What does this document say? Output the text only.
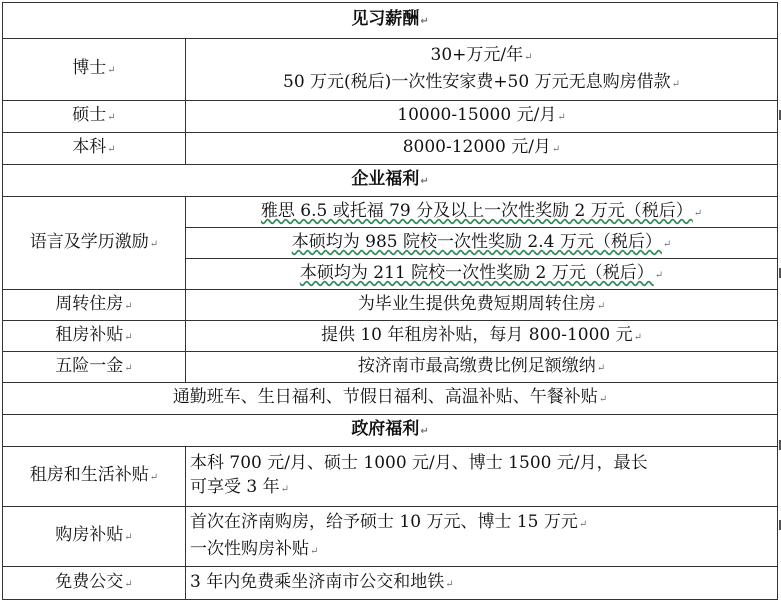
见习薪酬↵	
博士↵	30+万元/年↵
50 万元(税后)一次性安家费+50 万元无息购房借款↵

硕士↵	10000-15000 元/月↵
本科↵	8000-12000 元/月↵
企业福利↵	
语言及学历激励↵	雅思 6.5 或托福 79 分及以上一次性奖励 2 万元（税后）↵
	本硕均为 985 院校一次性奖励 2.4 万元（税后）↵
	本硕均为 211 院校一次性奖励 2 万元（税后）↵
周转住房↵	为毕业生提供免费短期周转住房↵
租房补贴↵	提供 10 年租房补贴，每月 800-1000 元↵
五险一金↵	按济南市最高缴费比例足额缴纳↵
通勤班车、生日福利、节假日福利、高温补贴、午餐补贴↵	
政府福利↵	
租房和生活补贴↵	本科 700 元/月、硕士 1000 元/月、博士 1500 元/月，最长
可享受 3 年↵

购房补贴↵	首次在济南购房，给予硕士 10 万元、博士 15 万元↵
一次性购房补贴↵

免费公交↵	3 年内免费乘坐济南市公交和地铁↵
